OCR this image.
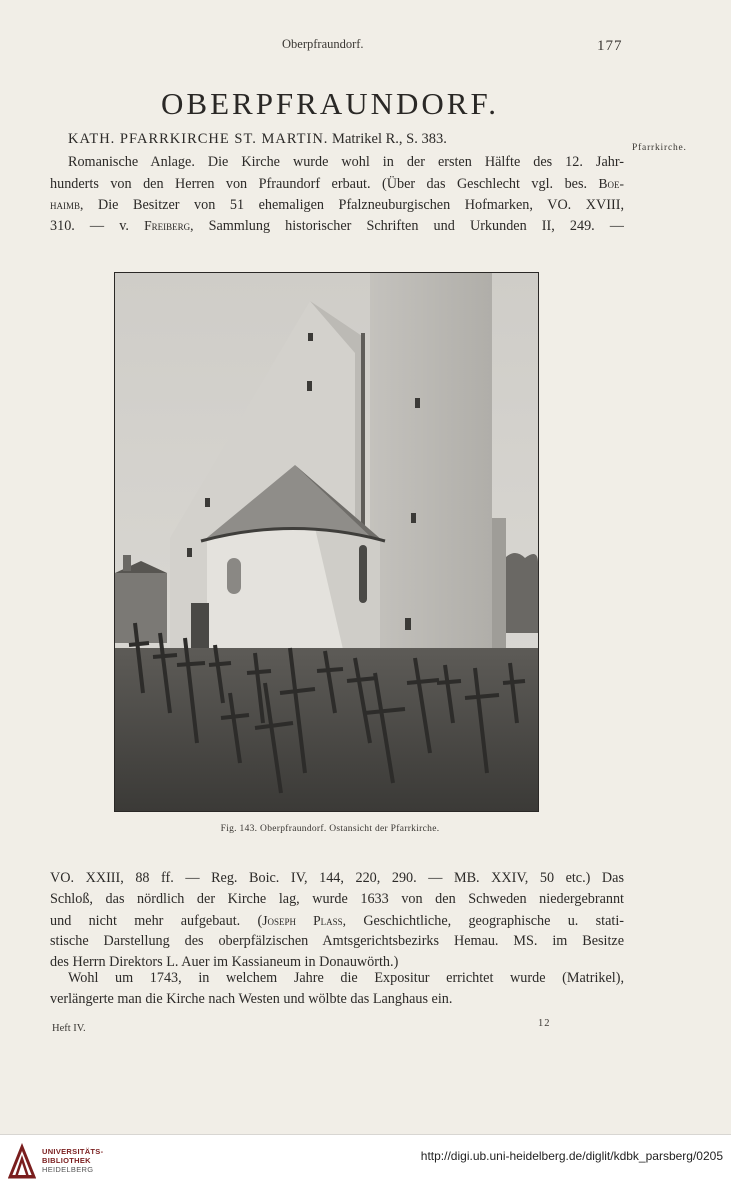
Oberpfraundorf.	177
OBERPFRAUNDORF.
KATH. PFARRKIRCHE ST. MARTIN. Matrikel R., S. 383.
Pfarrkirche.
Romanische Anlage. Die Kirche wurde wohl in der ersten Hälfte des 12. Jahr-
hunderts von den Herren von Pfraundorf erbaut. (Über das Geschlecht vgl. bes. Boe-
haimb, Die Besitzer von 51 ehemaligen Pfalzneuburgischen Hofmarken, VO. XVIII,
310. — v. Freiberg, Sammlung historischer Schriften und Urkunden II, 249. —
Fig. 143. Oberpfraundorf. Ostansicht der Pfarrkirche.
VO. XXIII, 88 ff. — Reg. Boic. IV, 144, 220, 290. — MB. XXIV, 50 etc.) Das
Schloß, das nördlich der Kirche lag, wurde 1633 von den Schweden niedergebrannt
und nicht mehr aufgebaut. (Joseph Plass, Geschichtliche, geographische u. stati-
stische Darstellung des oberpfälzischen Amtsgerichtsbezirks Hemau. MS. im Besitze
des Herrn Direktors L. Auer im Kassianeum in Donauwörth.)
Wohl um 1743, in welchem Jahre die Expositur errichtet wurde (Matrikel),
verlängerte man die Kirche nach Westen und wölbte das Langhaus ein.
Heft IV.	12
UNIVERSITÄTS-
BIBLIOTHEK
HEIDELBERG
http://digi.ub.uni-heidelberg.de/diglit/kdbk_parsberg/0205
